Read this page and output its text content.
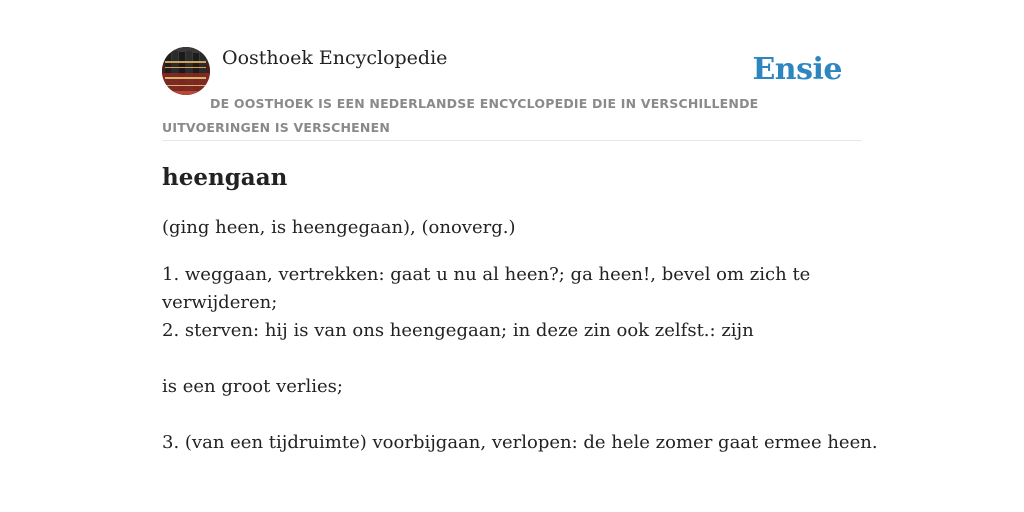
Oosthoek Encyclopedie	Ensie
DE OOSTHOEK IS EEN NEDERLANDSE ENCYCLOPEDIE DIE IN VERSCHILLENDE UITVOERINGEN IS VERSCHENEN
heengaan
(ging heen, is heengegaan), (onoverg.)
1. weggaan, vertrekken: gaat u nu al heen?; ga heen!, bevel om zich te
verwijderen;
2. sterven: hij is van ons heengegaan; in deze zin ook zelfst.: zijn
is een groot verlies;
3. (van een tijdruimte) voorbijgaan, verlopen: de hele zomer gaat ermee heen.
